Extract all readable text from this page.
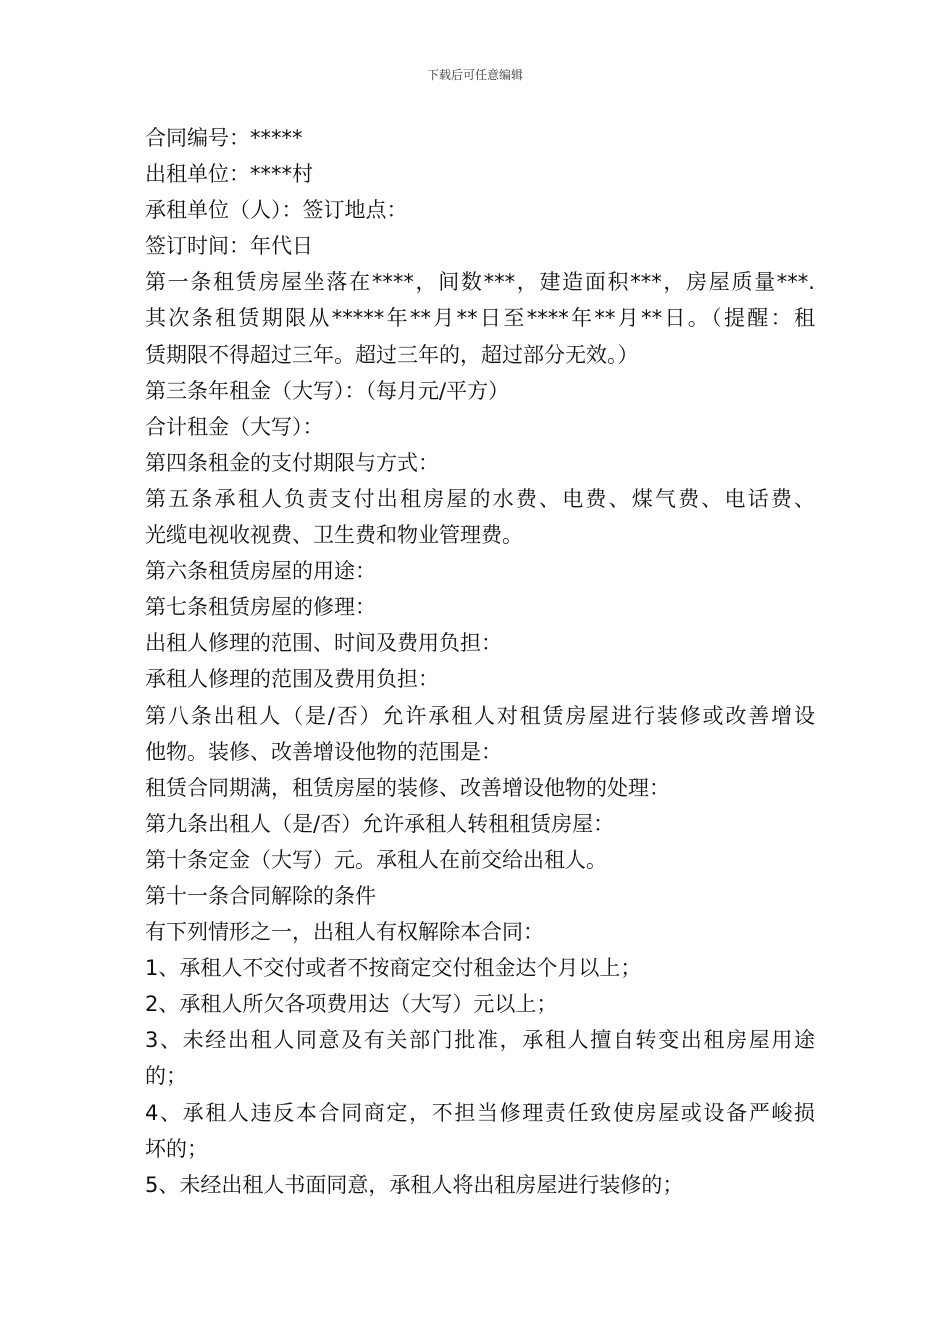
下载后可任意编辑
合同编号：*****
出租单位：****村
承租单位（人）：签订地点：
签订时间：年代日
第一条租赁房屋坐落在****，间数***，建造面积***，房屋质量***.
其次条租赁期限从*****年**月**日至****年**月**日。（提醒：租
赁期限不得超过三年。超过三年的，超过部分无效。）
第三条年租金（大写）：（每月元/平方）
合计租金（大写）：
第四条租金的支付期限与方式：
第五条承租人负责支付出租房屋的水费、电费、煤气费、电话费、
光缆电视收视费、卫生费和物业管理费。
第六条租赁房屋的用途：
第七条租赁房屋的修理：
出租人修理的范围、时间及费用负担：
承租人修理的范围及费用负担：
第八条出租人（是/否）允许承租人对租赁房屋进行装修或改善增设
他物。装修、改善增设他物的范围是：
租赁合同期满，租赁房屋的装修、改善增设他物的处理：
第九条出租人（是/否）允许承租人转租租赁房屋：
第十条定金（大写）元。承租人在前交给出租人。
第十一条合同解除的条件
有下列情形之一，出租人有权解除本合同：
1、承租人不交付或者不按商定交付租金达个月以上；
2、承租人所欠各项费用达（大写）元以上；
3、未经出租人同意及有关部门批准，承租人擅自转变出租房屋用途
的；
4、承租人违反本合同商定，不担当修理责任致使房屋或设备严峻损
坏的；
5、未经出租人书面同意，承租人将出租房屋进行装修的；
